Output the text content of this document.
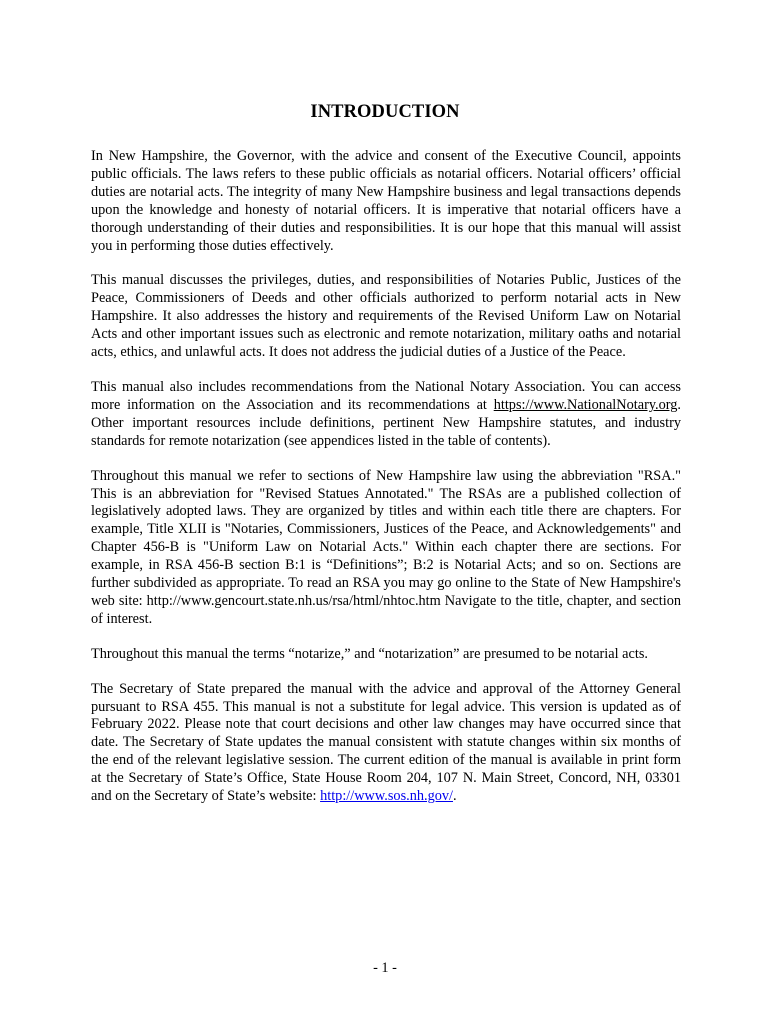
INTRODUCTION

In New Hampshire, the Governor, with the advice and consent of the Executive Council, appoints public officials. The laws refers to these public officials as notarial officers. Notarial officers’ official duties are notarial acts. The integrity of many New Hampshire business and legal transactions depends upon the knowledge and honesty of notarial officers. It is imperative that notarial officers have a thorough understanding of their duties and responsibilities. It is our hope that this manual will assist you in performing those duties effectively.

This manual discusses the privileges, duties, and responsibilities of Notaries Public, Justices of the Peace, Commissioners of Deeds and other officials authorized to perform notarial acts in New Hampshire. It also addresses the history and requirements of the Revised Uniform Law on Notarial Acts and other important issues such as electronic and remote notarization, military oaths and notarial acts, ethics, and unlawful acts. It does not address the judicial duties of a Justice of the Peace.

This manual also includes recommendations from the National Notary Association. You can access more information on the Association and its recommendations at https://www.NationalNotary.org. Other important resources include definitions, pertinent New Hampshire statutes, and industry standards for remote notarization (see appendices listed in the table of contents).

Throughout this manual we refer to sections of New Hampshire law using the abbreviation "RSA." This is an abbreviation for "Revised Statues Annotated." The RSAs are a published collection of legislatively adopted laws. They are organized by titles and within each title there are chapters. For example, Title XLII is "Notaries, Commissioners, Justices of the Peace, and Acknowledgements" and Chapter 456-B is "Uniform Law on Notarial Acts." Within each chapter there are sections. For example, in RSA 456-B section B:1 is “Definitions”; B:2 is Notarial Acts; and so on. Sections are further subdivided as appropriate. To read an RSA you may go online to the State of New Hampshire's web site: http://www.gencourt.state.nh.us/rsa/html/nhtoc.htm Navigate to the title, chapter, and section of interest.

Throughout this manual the terms “notarize,” and “notarization” are presumed to be notarial acts.

The Secretary of State prepared the manual with the advice and approval of the Attorney General pursuant to RSA 455. This manual is not a substitute for legal advice. This version is updated as of February 2022. Please note that court decisions and other law changes may have occurred since that date. The Secretary of State updates the manual consistent with statute changes within six months of the end of the relevant legislative session. The current edition of the manual is available in print form at the Secretary of State’s Office, State House Room 204, 107 N. Main Street, Concord, NH, 03301 and on the Secretary of State’s website: http://www.sos.nh.gov/.

- 1 -
